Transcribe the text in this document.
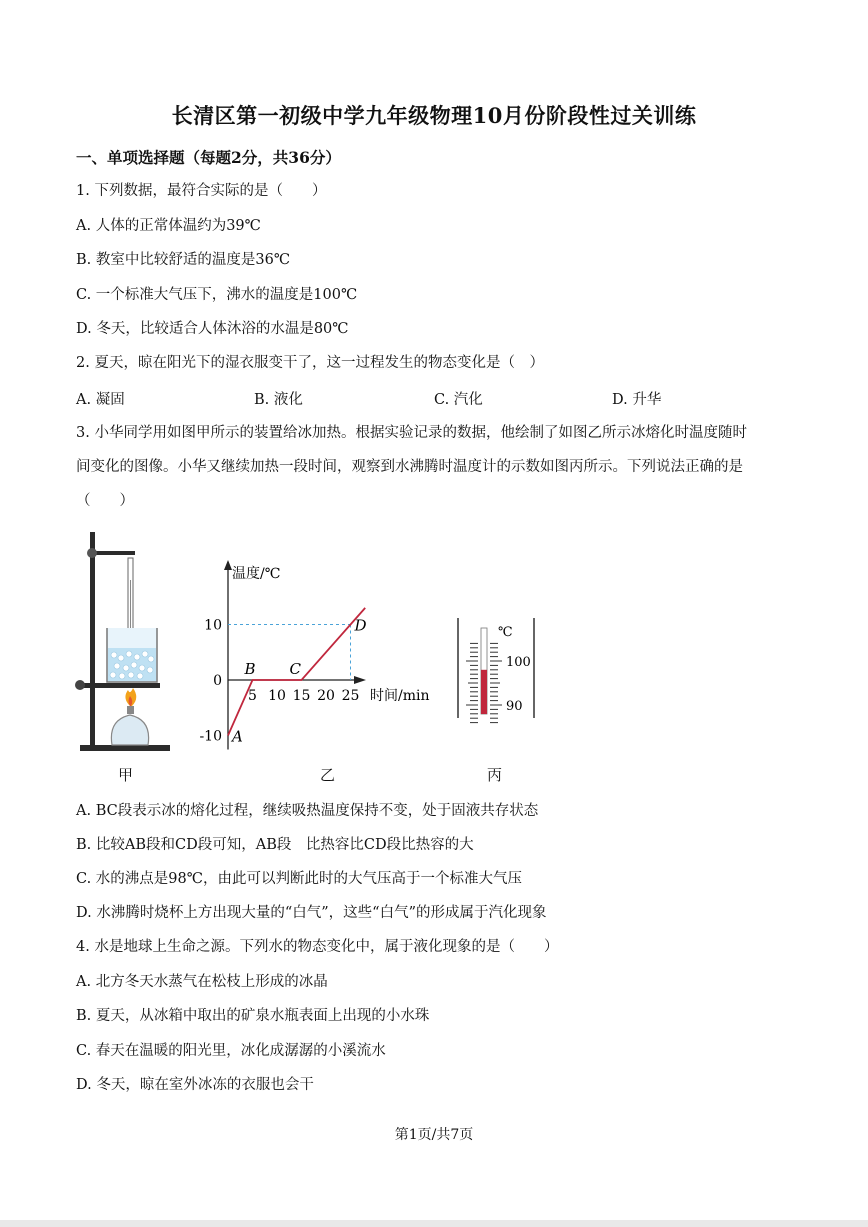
长清区第一初级中学九年级物理10月份阶段性过关训练
一、单项选择题（每题2分，共36分）
1. 下列数据，最符合实际的是（　　）
A. 人体的正常体温约为39℃
B. 教室中比较舒适的温度是36℃
C. 一个标准大气压下，沸水的温度是100℃
D. 冬天，比较适合人体沐浴的水温是80℃
2. 夏天，晾在阳光下的湿衣服变干了，这一过程发生的物态变化是（　）
A. 凝固	B. 液化	C. 汽化	D. 升华
3. 小华同学用如图甲所示的装置给冰加热。根据实验记录的数据，他绘制了如图乙所示冰熔化时温度随时
间变化的图像。小华又继续加热一段时间，观察到水沸腾时温度计的示数如图丙所示。下列说法正确的是
（　　）
温度/℃
时间/min
10
0
-10
5 10 15 20 25
A
B C
D	℃
100
90
甲	乙	丙
A. BC段表示冰的熔化过程，继续吸热温度保持不变，处于固液共存状态
B. 比较AB段和CD段可知，AB段　比热容比CD段比热容的大
C. 水的沸点是98℃，由此可以判断此时的大气压高于一个标准大气压
D. 水沸腾时烧杯上方出现大量的“白气”，这些“白气”的形成属于汽化现象
4. 水是地球上生命之源。下列水的物态变化中，属于液化现象的是（　　）
A. 北方冬天水蒸气在松枝上形成的冰晶
B. 夏天，从冰箱中取出的矿泉水瓶表面上出现的小水珠
C. 春天在温暖的阳光里，冰化成潺潺的小溪流水
D. 冬天，晾在室外冰冻的衣服也会干
第1页/共7页
